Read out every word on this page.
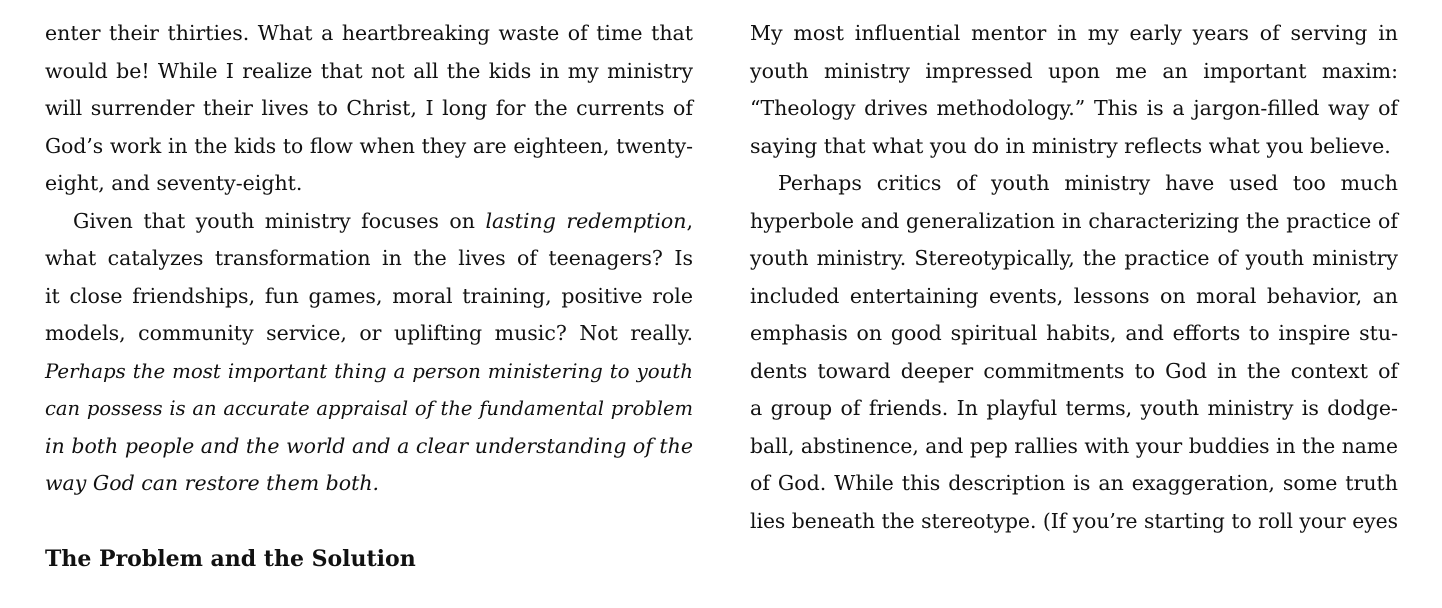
enter their thirties. What a heartbreaking waste of time that
would be! While I realize that not all the kids in my ministry
will surrender their lives to Christ, I long for the currents of
God’s work in the kids to flow when they are eighteen, twenty-
eight, and seventy-eight.
Given that youth ministry focuses on lasting redemption,
what catalyzes transformation in the lives of teenagers? Is
it close friendships, fun games, moral training, positive role
models, community service, or uplifting music? Not really.
Perhaps the most important thing a person ministering to youth
can possess is an accurate appraisal of the fundamental problem
in both people and the world and a clear understanding of the
way God can restore them both.
The Problem and the Solution
My most influential mentor in my early years of serving in
youth ministry impressed upon me an important maxim:
“Theology drives methodology.” This is a jargon-filled way of
saying that what you do in ministry reflects what you believe.
Perhaps critics of youth ministry have used too much
hyperbole and generalization in characterizing the practice of
youth ministry. Stereotypically, the practice of youth ministry
included entertaining events, lessons on moral behavior, an
emphasis on good spiritual habits, and efforts to inspire stu-
dents toward deeper commitments to God in the context of
a group of friends. In playful terms, youth ministry is dodge-
ball, abstinence, and pep rallies with your buddies in the name
of God. While this description is an exaggeration, some truth
lies beneath the stereotype. (If you’re starting to roll your eyes
